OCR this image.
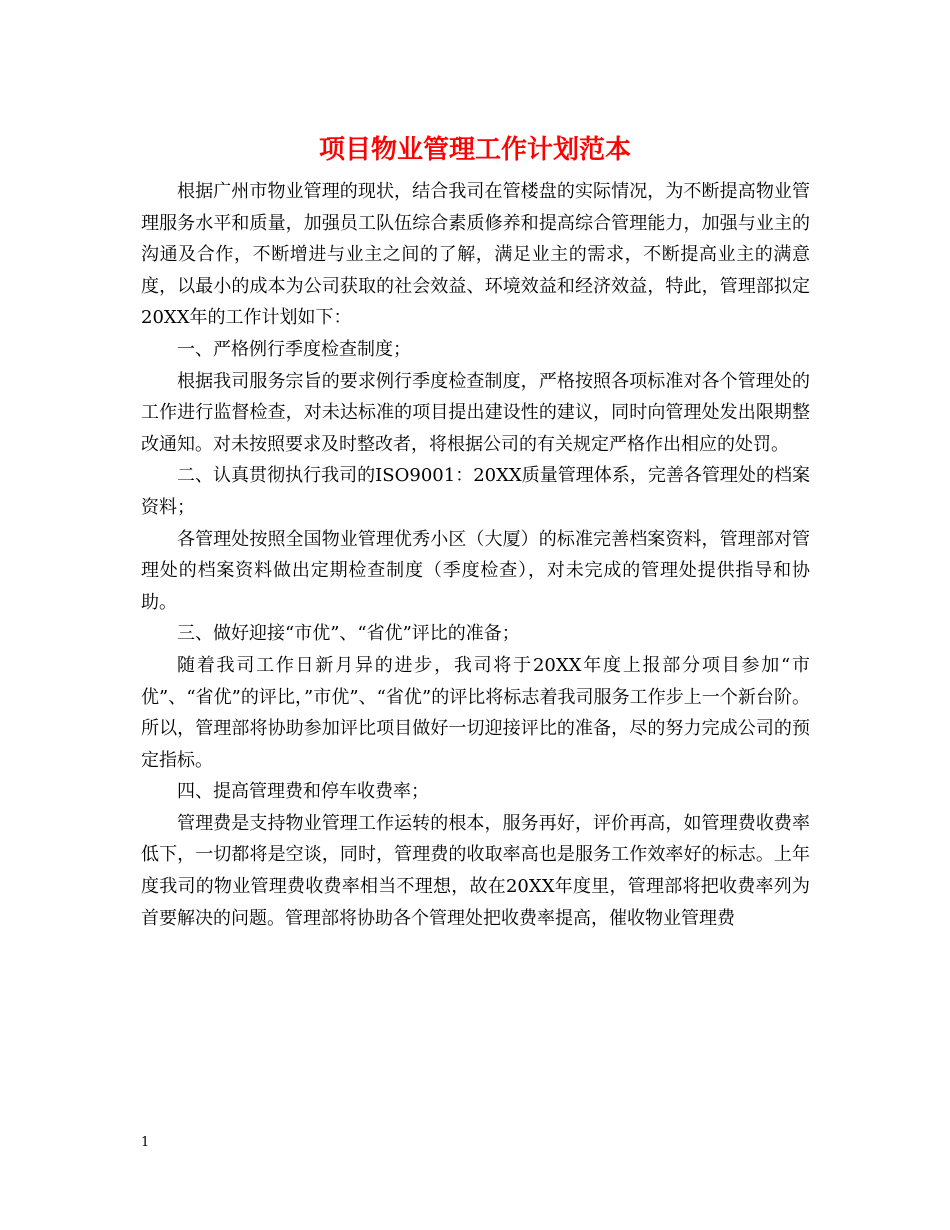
项目物业管理工作计划范本

根据广州市物业管理的现状，结合我司在管楼盘的实际情况，为不断提高物业管理服务水平和质量，加强员工队伍综合素质修养和提高综合管理能力，加强与业主的沟通及合作，不断增进与业主之间的了解，满足业主的需求，不断提高业主的满意度，以最小的成本为公司获取的社会效益、环境效益和经济效益，特此，管理部拟定20XX年的工作计划如下：

一、严格例行季度检查制度；

根据我司服务宗旨的要求例行季度检查制度，严格按照各项标准对各个管理处的工作进行监督检查，对未达标准的项目提出建设性的建议，同时向管理处发出限期整改通知。对未按照要求及时整改者，将根据公司的有关规定严格作出相应的处罚。

二、认真贯彻执行我司的ISO9001：20XX质量管理体系，完善各管理处的档案资料；

各管理处按照全国物业管理优秀小区（大厦）的标准完善档案资料，管理部对管理处的档案资料做出定期检查制度（季度检查），对未完成的管理处提供指导和协助。

三、做好迎接“市优”、“省优”评比的准备；

随着我司工作日新月异的进步，我司将于20XX年度上报部分项目参加“市优”、“省优”的评比，”市优”、“省优”的评比将标志着我司服务工作步上一个新台阶。所以，管理部将协助参加评比项目做好一切迎接评比的准备，尽的努力完成公司的预定指标。

四、提高管理费和停车收费率；

管理费是支持物业管理工作运转的根本，服务再好，评价再高，如管理费收费率低下，一切都将是空谈，同时，管理费的收取率高也是服务工作效率好的标志。上年度我司的物业管理费收费率相当不理想，故在20XX年度里，管理部将把收费率列为首要解决的问题。管理部将协助各个管理处把收费率提高，催收物业管理费

1
